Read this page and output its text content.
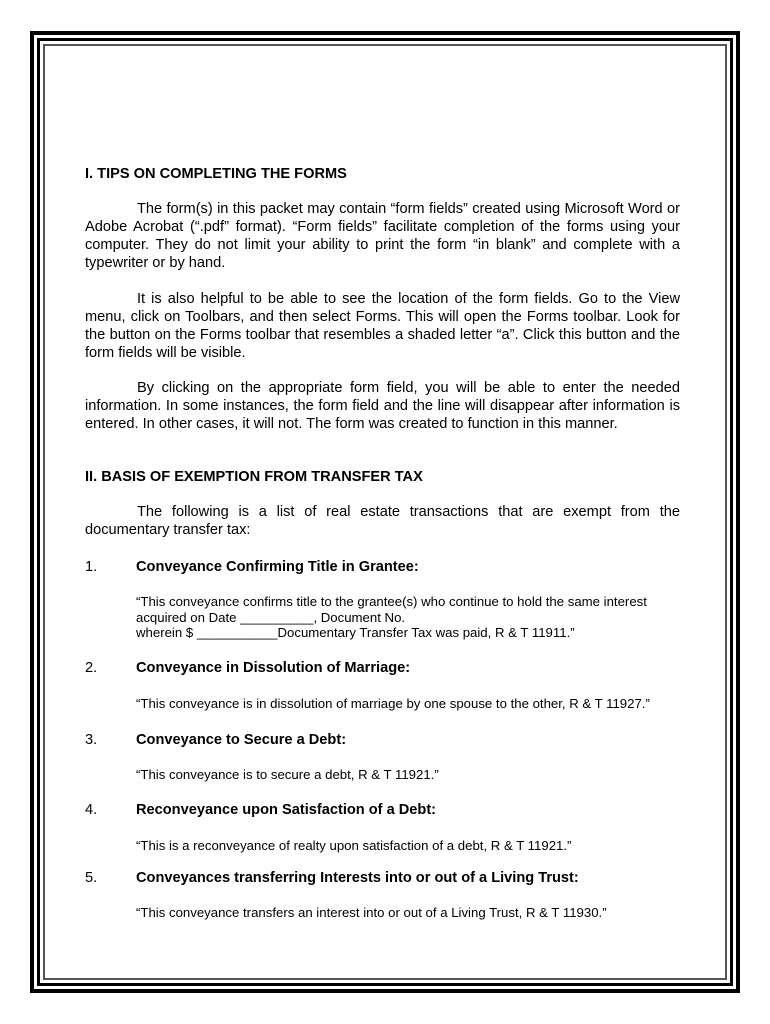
I. TIPS ON COMPLETING THE FORMS
The form(s) in this packet may contain “form fields” created using Microsoft Word or Adobe Acrobat (“.pdf” format). “Form fields” facilitate completion of the forms using your computer. They do not limit your ability to print the form “in blank” and complete with a typewriter or by hand.
It is also helpful to be able to see the location of the form fields. Go to the View menu, click on Toolbars, and then select Forms. This will open the Forms toolbar. Look for the button on the Forms toolbar that resembles a shaded letter “a”. Click this button and the form fields will be visible.
By clicking on the appropriate form field, you will be able to enter the needed information. In some instances, the form field and the line will disappear after information is entered. In other cases, it will not. The form was created to function in this manner.
II. BASIS OF EXEMPTION FROM TRANSFER TAX
The following is a list of real estate transactions that are exempt from the documentary transfer tax:
1.	Conveyance Confirming Title in Grantee:
“This conveyance confirms title to the grantee(s) who continue to hold the same interest
acquired on Date __________, Document No.
wherein $ ___________Documentary Transfer Tax was paid, R & T 11911.”
2.	Conveyance in Dissolution of Marriage:
“This conveyance is in dissolution of marriage by one spouse to the other, R & T 11927.”
3.	Conveyance to Secure a Debt:
“This conveyance is to secure a debt, R & T 11921.”
4.	Reconveyance upon Satisfaction of a Debt:
“This is a reconveyance of realty upon satisfaction of a debt, R & T 11921.”
5.	Conveyances transferring Interests into or out of a Living Trust:
“This conveyance transfers an interest into or out of a Living Trust, R & T 11930.”
